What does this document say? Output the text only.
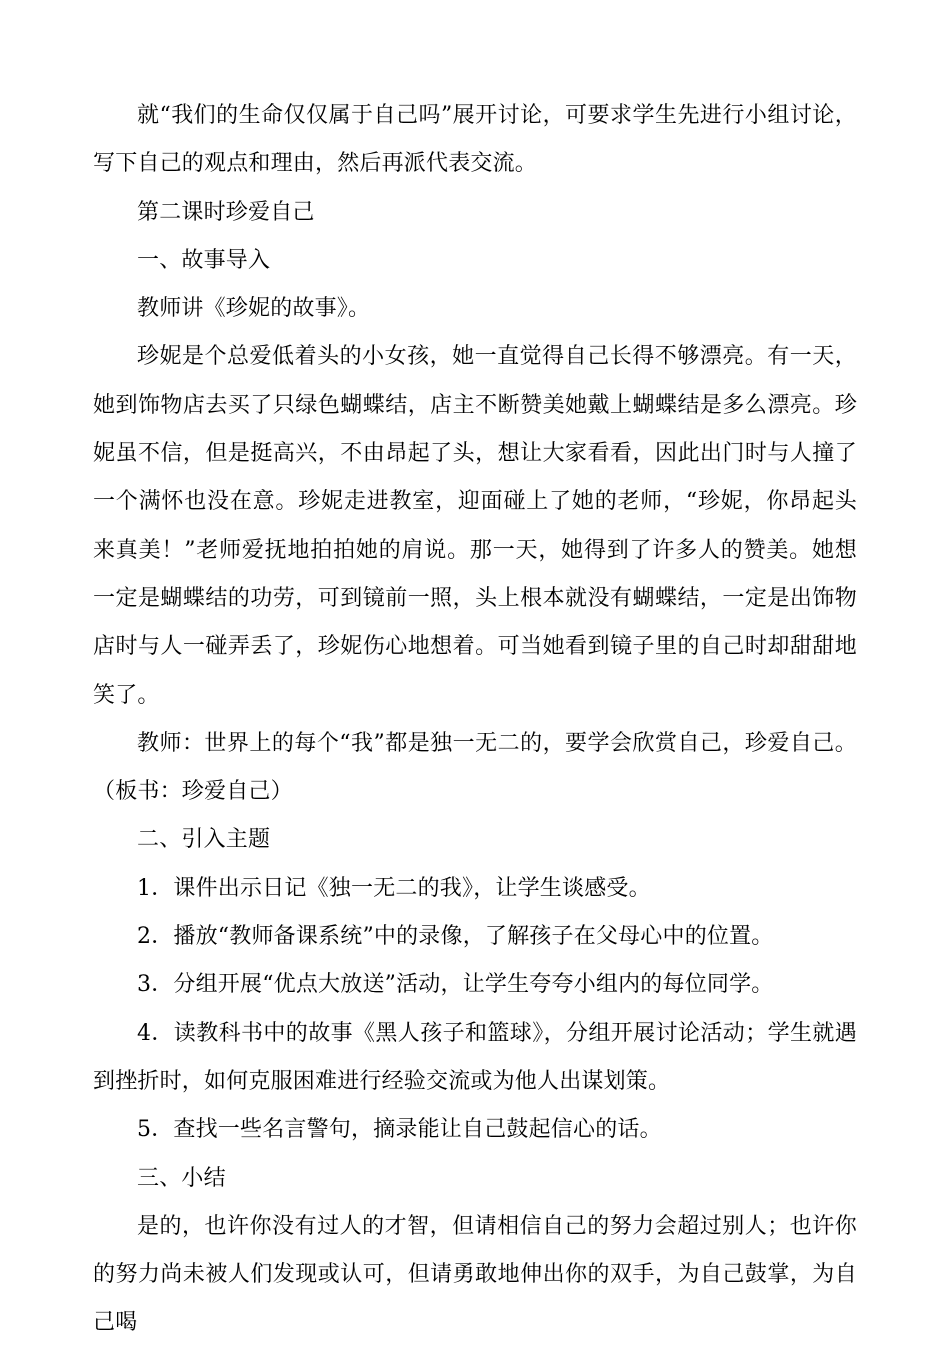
就“我们的生命仅仅属于自己吗”展开讨论，可要求学生先进行小组讨论，写下自己的观点和理由，然后再派代表交流。

第二课时珍爱自己

一、故事导入

教师讲《珍妮的故事》。

珍妮是个总爱低着头的小女孩，她一直觉得自己长得不够漂亮。有一天，她到饰物店去买了只绿色蝴蝶结，店主不断赞美她戴上蝴蝶结是多么漂亮。珍妮虽不信，但是挺高兴，不由昂起了头，想让大家看看，因此出门时与人撞了一个满怀也没在意。珍妮走进教室，迎面碰上了她的老师，“珍妮，你昂起头来真美！”老师爱抚地拍拍她的肩说。那一天，她得到了许多人的赞美。她想一定是蝴蝶结的功劳，可到镜前一照，头上根本就没有蝴蝶结，一定是出饰物店时与人一碰弄丢了，珍妮伤心地想着。可当她看到镜子里的自己时却甜甜地笑了。

教师：世界上的每个“我”都是独一无二的，要学会欣赏自己，珍爱自己。（板书：珍爱自己）

二、引入主题

1．课件出示日记《独一无二的我》，让学生谈感受。

2．播放“教师备课系统”中的录像，了解孩子在父母心中的位置。

3．分组开展“优点大放送”活动，让学生夸夸小组内的每位同学。

4．读教科书中的故事《黑人孩子和篮球》，分组开展讨论活动；学生就遇到挫折时，如何克服困难进行经验交流或为他人出谋划策。

5．查找一些名言警句，摘录能让自己鼓起信心的话。

三、小结

是的，也许你没有过人的才智，但请相信自己的努力会超过别人；也许你的努力尚未被人们发现或认可，但请勇敢地伸出你的双手，为自己鼓掌，为自己喝
